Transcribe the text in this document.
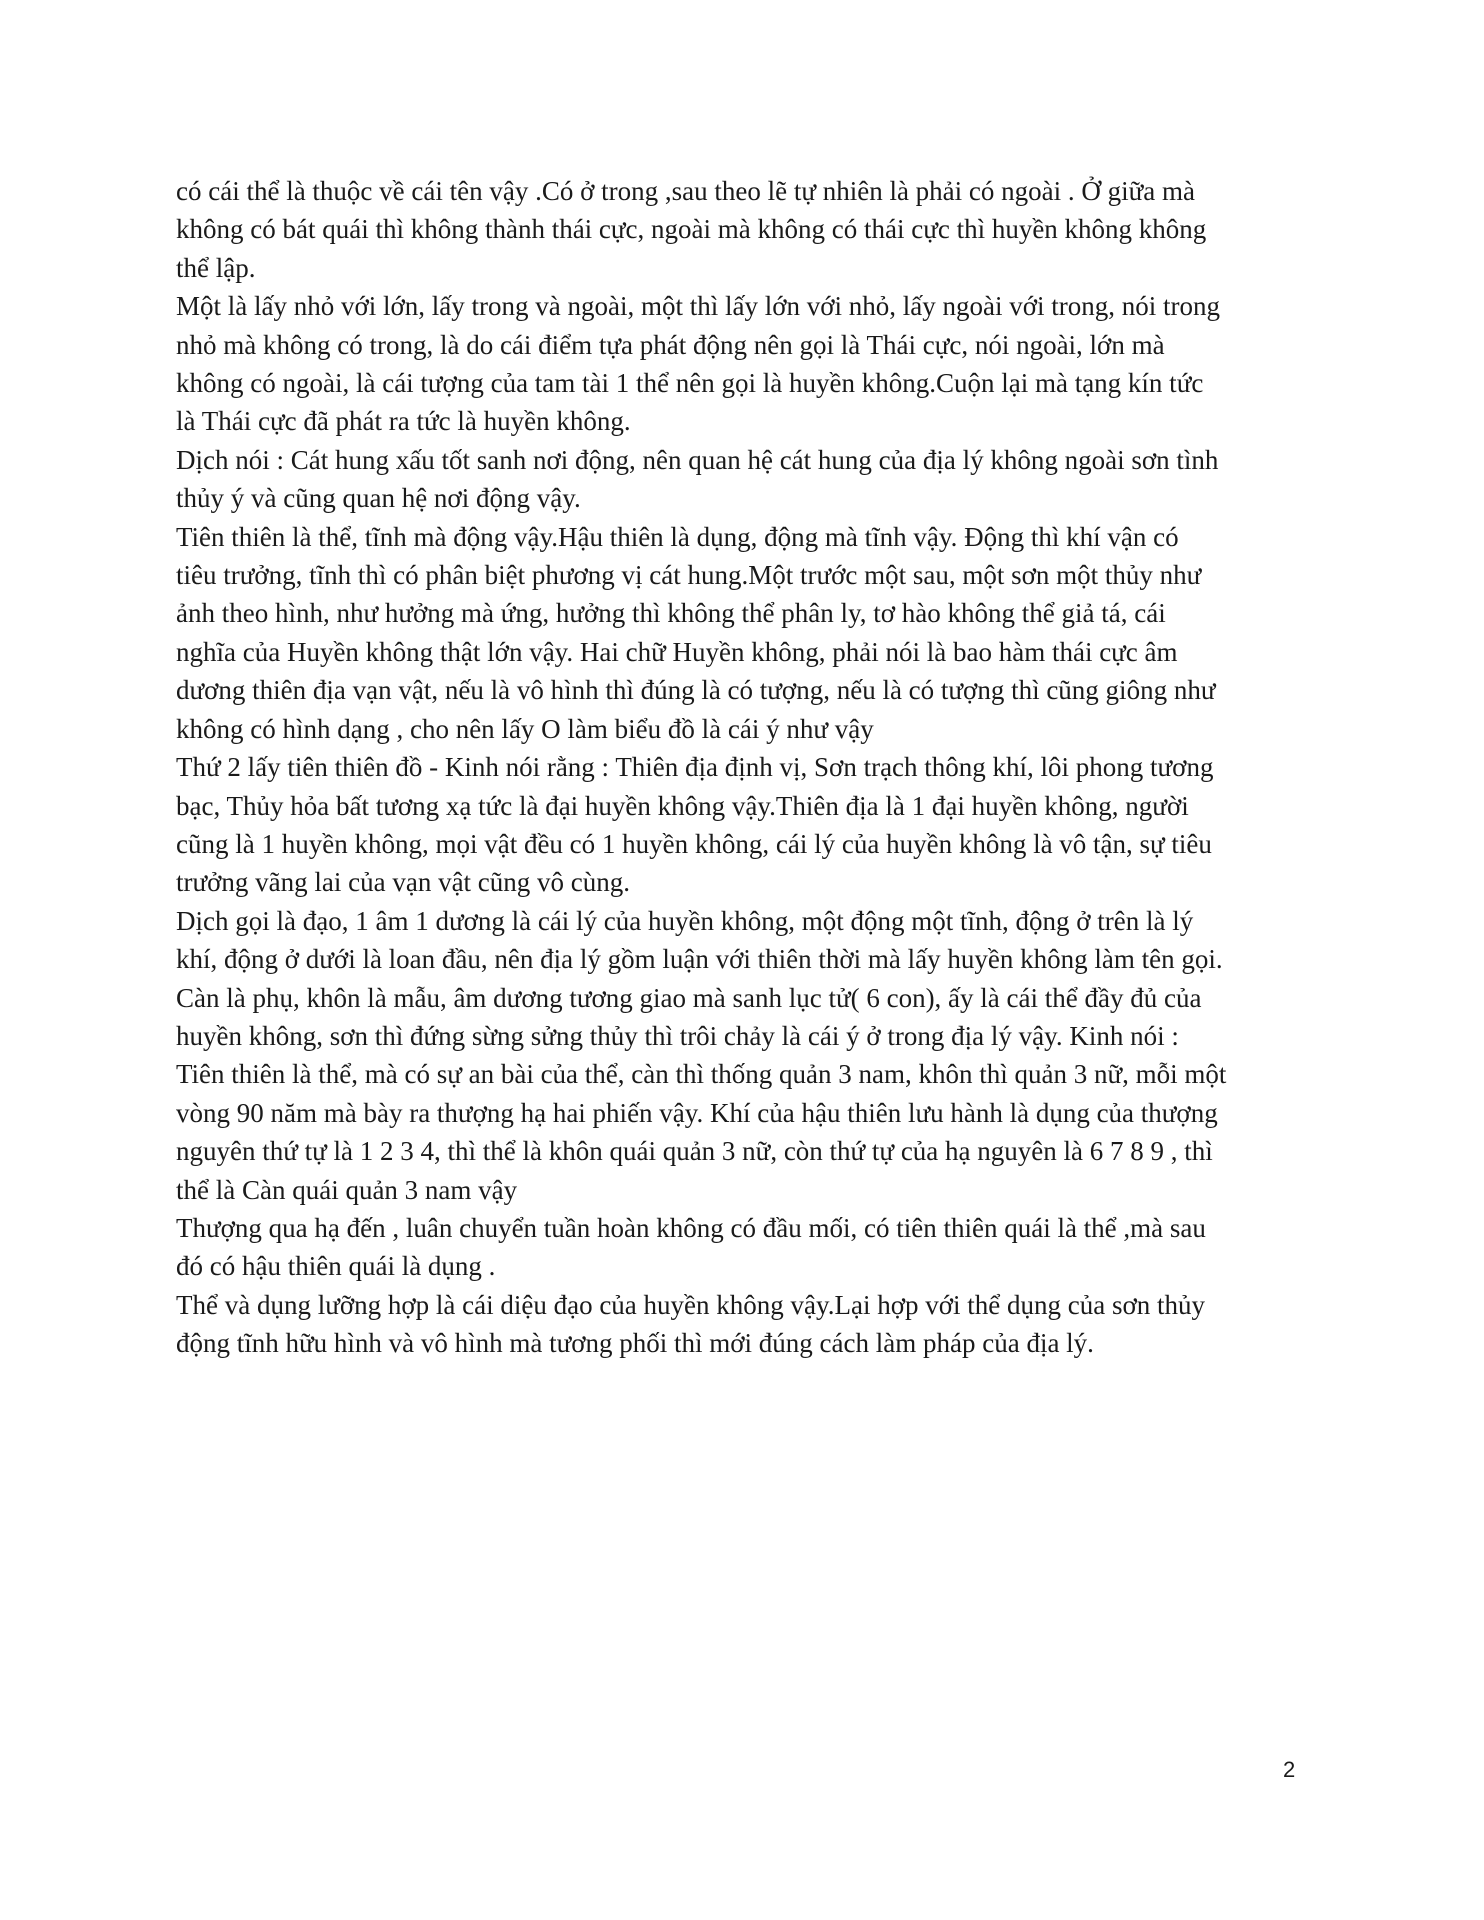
có cái thể là thuộc về cái tên vậy .Có ở trong ,sau theo lẽ tự nhiên là phải có ngoài . Ở giữa mà
không có bát quái thì không thành thái cực, ngoài mà không có thái cực thì huyền không không
thể lập.
Một là lấy nhỏ với lớn, lấy trong và ngoài, một thì lấy lớn với nhỏ, lấy ngoài với trong, nói trong
nhỏ mà không có trong, là do cái điểm tựa phát động nên gọi là Thái cực, nói ngoài, lớn mà
không có ngoài, là cái tượng của tam tài 1 thể nên gọi là huyền không.Cuộn lại mà tạng kín tức
là Thái cực đã phát ra tức là huyền không.
Dịch nói : Cát hung xấu tốt sanh nơi động, nên quan hệ cát hung của địa lý không ngoài sơn tình
thủy ý và cũng quan hệ nơi động vậy.
Tiên thiên là thể, tĩnh mà động vậy.Hậu thiên là dụng, động mà tĩnh vậy. Động thì khí vận có
tiêu trưởng, tĩnh thì có phân biệt phương vị cát hung.Một trước một sau, một sơn một thủy như
ảnh theo hình, như hưởng mà ứng, hưởng thì không thể phân ly, tơ hào không thể giả tá, cái
nghĩa của Huyền không thật lớn vậy. Hai chữ Huyền không, phải nói là bao hàm thái cực âm
dương thiên địa vạn vật, nếu là vô hình thì đúng là có tượng, nếu là có tượng thì cũng giông như
không có hình dạng , cho nên lấy O làm biểu đồ là cái ý như vậy
Thứ 2 lấy tiên thiên đồ - Kinh nói rằng : Thiên địa định vị, Sơn trạch thông khí, lôi phong tương
bạc, Thủy hỏa bất tương xạ tức là đại huyền không vậy.Thiên địa là 1 đại huyền không, người
cũng là 1 huyền không, mọi vật đều có 1 huyền không, cái lý của huyền không là vô tận, sự tiêu
trưởng vãng lai của vạn vật cũng vô cùng.
Dịch gọi là đạo, 1 âm 1 dương là cái lý của huyền không, một động một tĩnh, động ở trên là lý
khí, động ở dưới là loan đầu, nên địa lý gồm luận với thiên thời mà lấy huyền không làm tên gọi.
Càn là phụ, khôn là mẫu, âm dương tương giao mà sanh lục tử( 6 con), ấy là cái thể đầy đủ của
huyền không, sơn thì đứng sừng sửng thủy thì trôi chảy là cái ý ở trong địa lý vậy. Kinh nói :
Tiên thiên là thể, mà có sự an bài của thể, càn thì thống quản 3 nam, khôn thì quản 3 nữ, mỗi một
vòng 90 năm mà bày ra thượng hạ hai phiến vậy. Khí của hậu thiên lưu hành là dụng của thượng
nguyên thứ tự là 1 2 3 4, thì thể là khôn quái quản 3 nữ, còn thứ tự của hạ nguyên là 6 7 8 9 , thì
thể là Càn quái quản 3 nam vậy
Thượng qua hạ đến , luân chuyển tuần hoàn không có đầu mối, có tiên thiên quái là thể ,mà sau
đó có hậu thiên quái là dụng .
Thể và dụng lưỡng hợp là cái diệu đạo của huyền không vậy.Lại hợp với thể dụng của sơn thủy
động tĩnh hữu hình và vô hình mà tương phối thì mới đúng cách làm pháp của địa lý.
2
